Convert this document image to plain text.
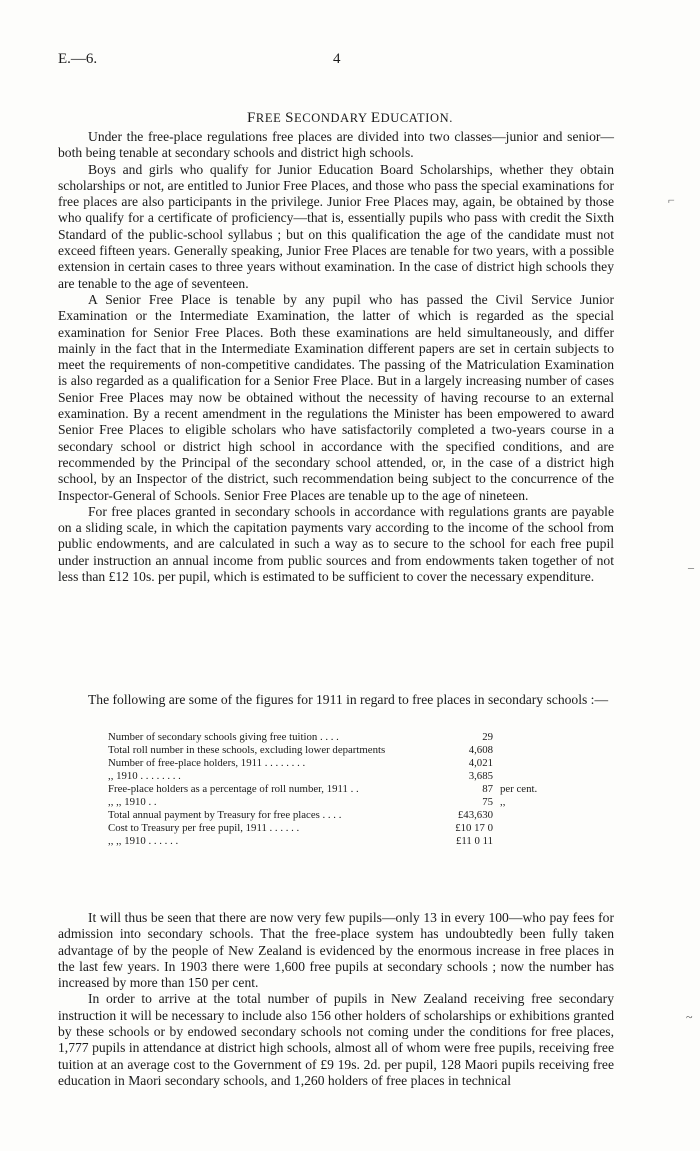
E.—6.	4
FREE SECONDARY EDUCATION.

Under the free-place regulations free places are divided into two classes—junior and senior—both being tenable at secondary schools and district high schools.

Boys and girls who qualify for Junior Education Board Scholarships, whether they obtain scholarships or not, are entitled to Junior Free Places, and those who pass the special examinations for free places are also participants in the privilege. Junior Free Places may, again, be obtained by those who qualify for a certificate of proficiency—that is, essentially pupils who pass with credit the Sixth Standard of the public-school syllabus ; but on this qualification the age of the candidate must not exceed fifteen years. Generally speaking, Junior Free Places are tenable for two years, with a possible extension in certain cases to three years without examination. In the case of district high schools they are tenable to the age of seventeen.

A Senior Free Place is tenable by any pupil who has passed the Civil Service Junior Examination or the Intermediate Examination, the latter of which is regarded as the special examination for Senior Free Places. Both these examinations are held simultaneously, and differ mainly in the fact that in the Intermediate Examination different papers are set in certain subjects to meet the requirements of non-competitive candidates. The passing of the Matriculation Examination is also regarded as a qualification for a Senior Free Place. But in a largely increasing number of cases Senior Free Places may now be obtained without the necessity of having recourse to an external examination. By a recent amendment in the regulations the Minister has been empowered to award Senior Free Places to eligible scholars who have satisfactorily completed a two-years course in a secondary school or district high school in accordance with the specified conditions, and are recommended by the Principal of the secondary school attended, or, in the case of a district high school, by an Inspector of the district, such recommendation being subject to the concurrence of the Inspector-General of Schools. Senior Free Places are tenable up to the age of nineteen.

For free places granted in secondary schools in accordance with regulations grants are payable on a sliding scale, in which the capitation payments vary according to the income of the school from public endowments, and are calculated in such a way as to secure to the school for each free pupil under instruction an annual income from public sources and from endowments taken together of not less than £12 10s. per pupil, which is estimated to be sufficient to cover the necessary expenditure.

The following are some of the figures for 1911 in regard to free places in secondary schools :—

Number of secondary schools giving free tuition . . . .	29
Total roll number in these schools, excluding lower departments	4,608
Number of free-place holders, 1911 . . . . . . . .	4,021
,, 1910 . . . . . . . .	3,685
Free-place holders as a percentage of roll number, 1911 . .	87 per cent.
,, ,, 1910 . .	75 ,,
Total annual payment by Treasury for free places . . . .	£43,630
Cost to Treasury per free pupil, 1911 . . . . . .	£10 17 0
,, ,, 1910 . . . . . .	£11 0 11

It will thus be seen that there are now very few pupils—only 13 in every 100—who pay fees for admission into secondary schools. That the free-place system has undoubtedly been fully taken advantage of by the people of New Zealand is evidenced by the enormous increase in free places in the last few years. In 1903 there were 1,600 free pupils at secondary schools ; now the number has increased by more than 150 per cent.

In order to arrive at the total number of pupils in New Zealand receiving free secondary instruction it will be necessary to include also 156 other holders of scholarships or exhibitions granted by these schools or by endowed secondary schools not coming under the conditions for free places, 1,777 pupils in attendance at district high schools, almost all of whom were free pupils, receiving free tuition at an average cost to the Government of £9 19s. 2d. per pupil, 128 Maori pupils receiving free education in Maori secondary schools, and 1,260 holders of free places in technical

⌐
‒
~
